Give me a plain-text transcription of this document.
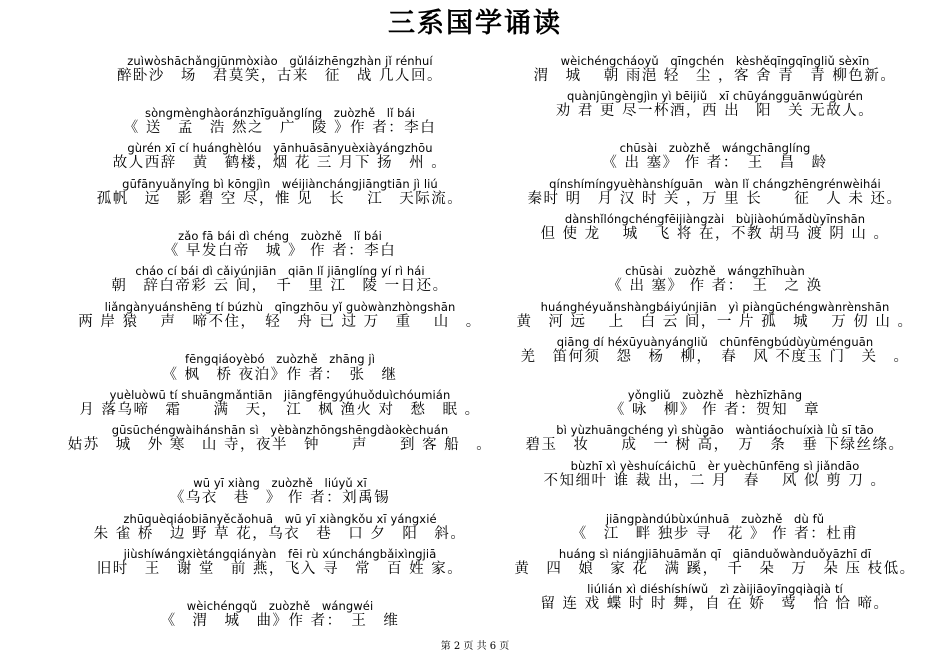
三系国学诵读
zuìwòshāchǎngjūnmòxiào　gǔláizhēngzhàn jǐ rénhuí
醉卧沙　场　君莫笑，古来　征　战 几人回。
sòngmènghàoránzhīguǎnglíng　zuòzhě　lǐ bái
《 送　孟　浩 然之　广　陵 》作 者：李白
gùrén xī cí huánghèlóu　yānhuāsānyuèxiàyángzhōu
故人西辞　黄　鹤楼，烟 花 三 月下 扬　州 。
gūfānyuǎnyǐng bì kōngjìn　wéijiànchángjiāngtiān jì liú
孤帆　远　影 碧 空 尽，惟 见　长　 江　天际流。
zǎo fā bái dì chéng　zuòzhě　lǐ bái
《 早发白帝　城 》 作 者：李白
cháo cí bái dì cǎiyúnjiān　qiān lǐ jiānglíng yí rì hái
朝　辞白帝彩 云 间，　千　里 江　陵 一日还。
liǎngànyuánshēng tí búzhù　qīngzhōu yǐ guòwànzhòngshān
两 岸 猿　 声　啼不住，　轻　舟 已 过 万　重　 山　。
fēngqiáoyèbó　zuòzhě　zhāng jì
《 枫　桥 夜泊》作 者：　张　继
yuèluòwū tí shuāngmǎntiān　jiāngfēngyúhuǒduìchóumián
月 落乌啼　霜　　满　天，　江　枫 渔火 对　愁　眠 。
gūsūchéngwàihánshān sì　yèbànzhōngshēngdàokèchuán
姑苏　城　外 寒　山 寺，夜半　钟　　声　　到 客 船　。
wū yī xiàng　zuòzhě　liúyǔ xī
《乌衣　巷　》 作 者：刘禹锡
zhūquèqiáobiānyěcǎohuā　wū yī xiàngkǒu xī yángxié
朱 雀 桥　边 野 草 花，乌衣　巷　口 夕　阳　斜。
jiùshíwángxiètángqiányàn　fēi rù xúnchángbǎixìngjiā
旧时　王　谢 堂　前 燕，飞入 寻　常　百 姓 家。
wèichéngqǔ　zuòzhě　wángwéi
《　渭　城　曲》作 者：　王　维
wèichéngcháoyǔ　qīngchén　kèshěqīngqīngliǔ sèxīn
渭　城　 朝 雨浥 轻　尘 ，客 舍 青　青 柳色新。
quànjūngèngjìn yì bēijiǔ　xī chūyángguānwúgùrén
劝 君 更 尽一杯酒，西 出　阳　关 无故人。
chūsài　zuòzhě　wángchānglíng
《 出 塞》 作 者：　王　昌　龄
qínshímíngyuèhànshíguān　wàn lǐ chángzhēngrénwèihái
秦时 明　月 汉 时 关 ，万 里 长　　征　人 未 还。
dànshǐlóngchéngfēijiàngzài　bùjiàohúmǎdùyīnshān
但 使 龙　 城　飞 将 在，不教 胡马 渡 阴 山 。
chūsài　zuòzhě　wángzhīhuàn
《 出 塞》 作 者：　王　之 涣
huánghéyuǎnshàngbáiyúnjiān　yì piàngūchéngwànrènshān
黄　河 远　 上　白 云 间，一 片 孤　城　 万 仞 山 。
qiāng dí héxūyuànyángliǔ　chūnfēngbúdùyùménguān
羌　笛何须　怨　杨　柳，　春　风 不度玉 门　关　。
yǒngliǔ　zuòzhě　hèzhīzhāng
《 咏　柳》 作 者：贺知　章
bì yùzhuāngchéng yì shùgāo　wàntiáochuíxià lǜ sī tāo
碧玉　妆　　成　一 树 高，　万　条　垂 下绿丝绦。
bùzhī xì yèshuícáichū　èr yuèchūnfēng sì jiǎndāo
不知细叶 谁 裁 出，二 月　春　 风 似 剪 刀 。
jiāngpàndúbùxúnhuā　zuòzhě　dù fǔ
《　江　畔 独步 寻　花 》 作 者：杜甫
huáng sì niángjiāhuāmǎn qī　qiānduǒwànduǒyāzhī dī
黄　四　娘　家 花　满 蹊，　千　朵　万　朵 压 枝低。
liúlián xì diéshíshíwǔ　zì zàijiāoyīngqiàqià tí
留 连 戏 蝶 时 时 舞，自 在 娇　莺　恰 恰 啼。
第 2 页 共 6 页
